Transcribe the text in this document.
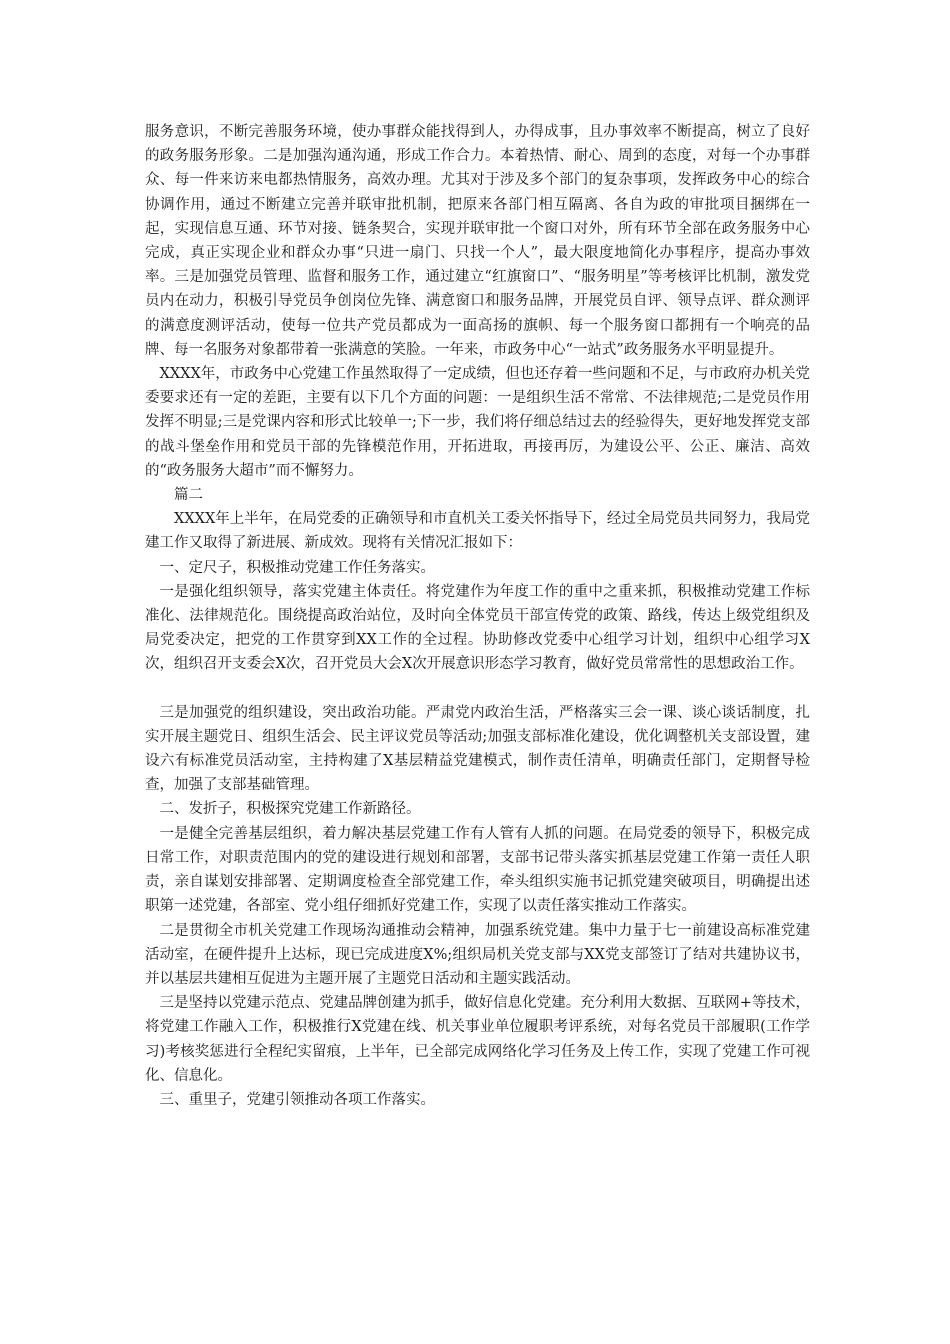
服务意识，不断完善服务环境，使办事群众能找得到人，办得成事，且办事效率不断提高，树立了良好的政务服务形象。二是加强沟通沟通，形成工作合力。本着热情、耐心、周到的态度，对每一个办事群众、每一件来访来电都热情服务，高效办理。尤其对于涉及多个部门的复杂事项，发挥政务中心的综合协调作用，通过不断建立完善并联审批机制，把原来各部门相互隔离、各自为政的审批项目捆绑在一起，实现信息互通、环节对接、链条契合，实现并联审批一个窗口对外，所有环节全部在政务服务中心完成，真正实现企业和群众办事“只进一扇门、只找一个人”，最大限度地简化办事程序，提高办事效率。三是加强党员管理、监督和服务工作，通过建立“红旗窗口”、“服务明星”等考核评比机制，激发党员内在动力，积极引导党员争创岗位先锋、满意窗口和服务品牌，开展党员自评、领导点评、群众测评的满意度测评活动，使每一位共产党员都成为一面高扬的旗帜、每一个服务窗口都拥有一个响亮的品牌、每一名服务对象都带着一张满意的笑脸。一年来，市政务中心“一站式”政务服务水平明显提升。

XXXX年，市政务中心党建工作虽然取得了一定成绩，但也还存着一些问题和不足，与市政府办机关党委要求还有一定的差距，主要有以下几个方面的问题：一是组织生活不常常、不法律规范;二是党员作用发挥不明显;三是党课内容和形式比较单一;下一步，我们将仔细总结过去的经验得失，更好地发挥党支部的战斗堡垒作用和党员干部的先锋模范作用，开拓进取，再接再厉，为建设公平、公正、廉洁、高效的“政务服务大超市”而不懈努力。

篇二

XXXX年上半年，在局党委的正确领导和市直机关工委关怀指导下，经过全局党员共同努力，我局党建工作又取得了新进展、新成效。现将有关情况汇报如下：

一、定尺子，积极推动党建工作任务落实。

一是强化组织领导，落实党建主体责任。将党建作为年度工作的重中之重来抓，积极推动党建工作标准化、法律规范化。围绕提高政治站位，及时向全体党员干部宣传党的政策、路线，传达上级党组织及局党委决定，把党的工作贯穿到XX工作的全过程。协助修改党委中心组学习计划，组织中心组学习X次，组织召开支委会X次，召开党员大会X次开展意识形态学习教育，做好党员常常性的思想政治工作。

三是加强党的组织建设，突出政治功能。严肃党内政治生活，严格落实三会一课、谈心谈话制度，扎实开展主题党日、组织生活会、民主评议党员等活动;加强支部标准化建设，优化调整机关支部设置，建设六有标准党员活动室，主持构建了X基层精益党建模式，制作责任清单，明确责任部门，定期督导检查，加强了支部基础管理。

二、发折子，积极探究党建工作新路径。

一是健全完善基层组织，着力解决基层党建工作有人管有人抓的问题。在局党委的领导下，积极完成日常工作，对职责范围内的党的建设进行规划和部署，支部书记带头落实抓基层党建工作第一责任人职责，亲自谋划安排部署、定期调度检查全部党建工作，牵头组织实施书记抓党建突破项目，明确提出述职第一述党建，各部室、党小组仔细抓好党建工作，实现了以责任落实推动工作落实。

二是贯彻全市机关党建工作现场沟通推动会精神，加强系统党建。集中力量于七一前建设高标准党建活动室，在硬件提升上达标，现已完成进度X%;组织局机关党支部与XX党支部签订了结对共建协议书，并以基层共建相互促进为主题开展了主题党日活动和主题实践活动。

三是坚持以党建示范点、党建品牌创建为抓手，做好信息化党建。充分利用大数据、互联网+等技术，将党建工作融入工作，积极推行X党建在线、机关事业单位履职考评系统，对每名党员干部履职(工作学习)考核奖惩进行全程纪实留痕，上半年，已全部完成网络化学习任务及上传工作，实现了党建工作可视化、信息化。

三、重里子，党建引领推动各项工作落实。
